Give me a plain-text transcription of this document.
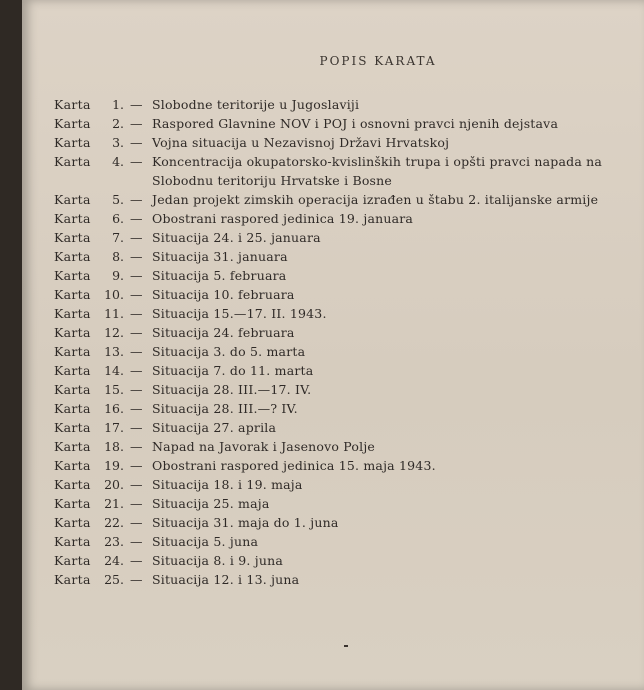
POPIS KARATA
Karta	1. — Slobodne teritorije u Jugoslaviji
Karta	2. — Raspored Glavnine NOV i POJ i osnovni pravci njenih dejstava
Karta	3. — Vojna situacija u Nezavisnoj Državi Hrvatskoj
Karta	4. — Koncentracija okupatorsko-kvislinških trupa i opšti pravci napada na Slobodnu teritoriju Hrvatske i Bosne
Karta	5. — Jedan projekt zimskih operacija izrađen u štabu 2. italijanske armije
Karta	6. — Obostrani raspored jedinica 19. januara
Karta	7. — Situacija 24. i 25. januara
Karta	8. — Situacija 31. januara
Karta	9. — Situacija 5. februara
Karta	10. — Situacija 10. februara
Karta	11. — Situacija 15.—17. II. 1943.
Karta	12. — Situacija 24. februara
Karta	13. — Situacija 3. do 5. marta
Karta	14. — Situacija 7. do 11. marta
Karta	15. — Situacija 28. III.—17. IV.
Karta	16. — Situacija 28. III.—? IV.
Karta	17. — Situacija 27. aprila
Karta	18. — Napad na Javorak i Jasenovo Polje
Karta	19. — Obostrani raspored jedinica 15. maja 1943.
Karta	20. — Situacija 18. i 19. maja
Karta	21. — Situacija 25. maja
Karta	22. — Situacija 31. maja do 1. juna
Karta	23. — Situacija 5. juna
Karta	24. — Situacija 8. i 9. juna
Karta	25. — Situacija 12. i 13. juna
